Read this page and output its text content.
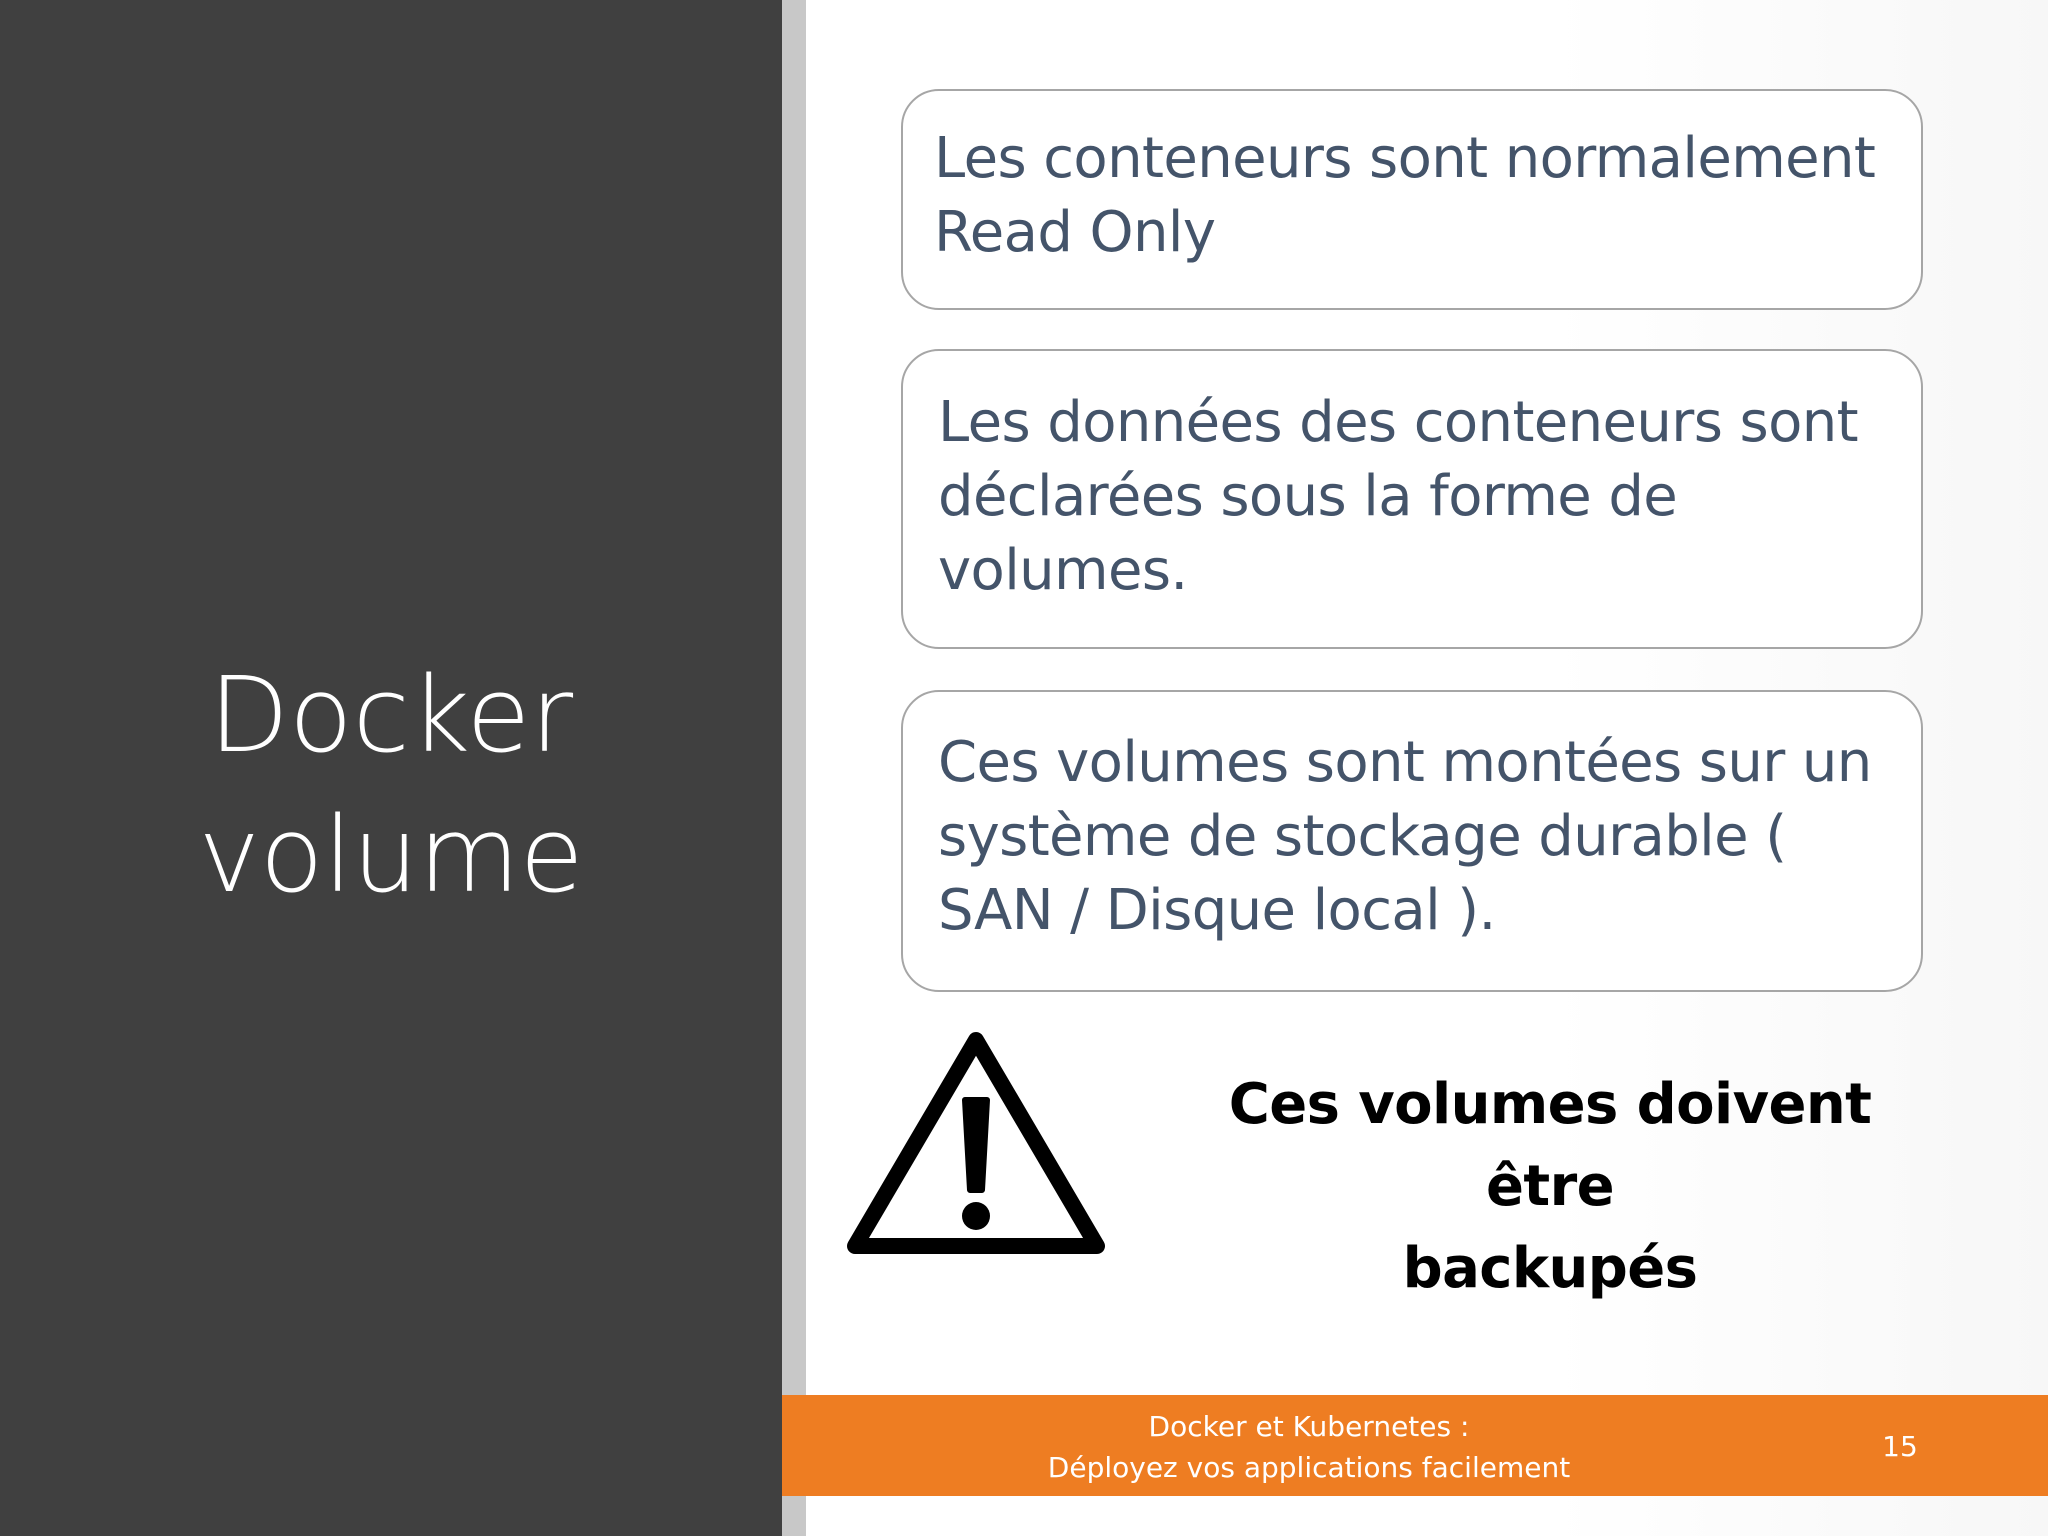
Docker
volume
Les conteneurs sont normalement
Read Only
Les données des conteneurs sont
déclarées sous la forme de
volumes.
Ces volumes sont montées sur un
système de stockage durable (
SAN / Disque local ).
Ces volumes doivent être
backupés
Docker et Kubernetes :
Déployez vos applications facilement
15
